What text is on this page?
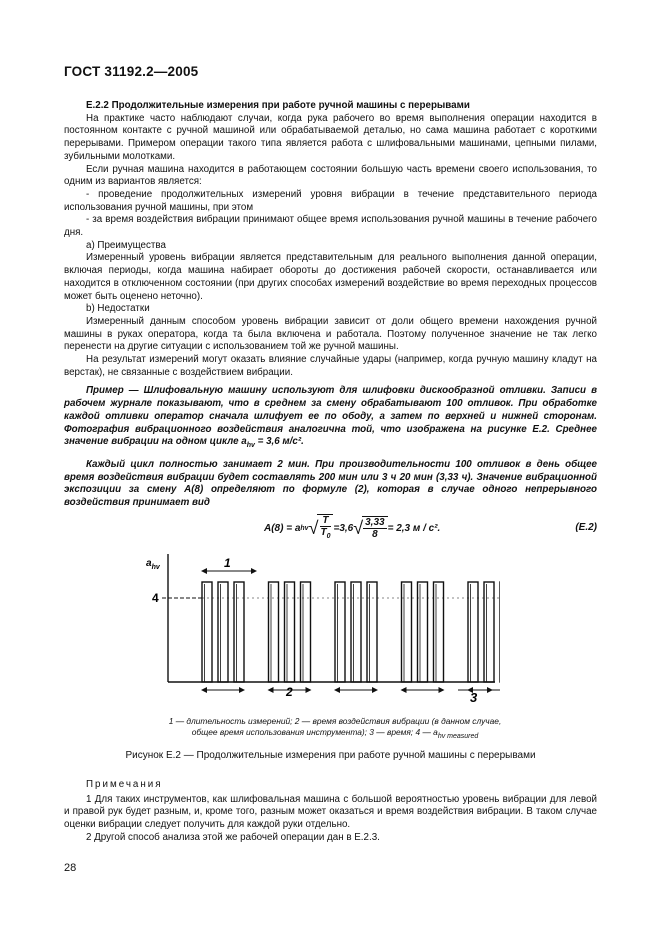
ГОСТ 31192.2—2005

E.2.2 Продолжительные измерения при работе ручной машины с перерывами

На практике часто наблюдают случаи, когда рука рабочего во время выполнения операции находится в постоянном контакте с ручной машиной или обрабатываемой деталью, но сама машина работает с короткими перерывами. Примером операции такого типа является работа с шлифовальными машинами, цепными пилами, зубильными молотками.

Если ручная машина находится в работающем состоянии большую часть времени своего использования, то одним из вариантов является:

- проведение продолжительных измерений уровня вибрации в течение представительного периода использования ручной машины, при этом

- за время воздействия вибрации принимают общее время использования ручной машины в течение рабочего дня.

a) Преимущества

Измеренный уровень вибрации является представительным для реального выполнения данной операции, включая периоды, когда машина набирает обороты до достижения рабочей скорости, останавливается или находится в отключенном состоянии (при других способах измерений воздействие во время переходных процессов может быть оценено неточно).

b) Недостатки

Измеренный данным способом уровень вибрации зависит от доли общего времени нахождения ручной машины в руках оператора, когда та была включена и работала. Поэтому полученное значение не так легко перенести на другие ситуации с использованием той же ручной машины.

На результат измерений могут оказать влияние случайные удары (например, когда ручную машину кладут на верстак), не связанные с воздействием вибрации.

Пример — Шлифовальную машину используют для шлифовки дискообразной отливки. Записи в рабочем журнале показывают, что в среднем за смену обрабатывают 100 отливок. При обработке каждой отливки оператор сначала шлифует ее по ободу, а затем по верхней и нижней сторонам. Фотография вибрационного воздействия аналогична той, что изображена на рисунке E.2. Среднее значение вибрации на одном цикле $a_{hv} = 3,6$ м/с².

Каждый цикл полностью занимает 2 мин. При производительности 100 отливок в день общее время воздействия вибрации будет составлять 200 мин или 3 ч 20 мин (3,33 ч). Значение вибрационной экспозиции за смену A(8) определяют по формуле (2), которая в случае одного непрерывного воздействия принимает вид

A(8) = a hv √ $\frac{T}{T_0} =3,6$ √ $\frac{3,33}{8} = 2,3$ м / с².	(E.2)
$a_{hv}$
4
1
2	3
1 — длительность измерений; 2 — время воздействия вибрации (в данном случае,
общее время использования инструмента); 3 — время; 4 — $a_{hv measured}$
Рисунок E.2 — Продолжительные измерения при работе ручной машины с перерывами

Примечания

1 Для таких инструментов, как шлифовальная машина с большой вероятностью уровень вибрации для левой и правой рук будет разным, и, кроме того, разным может оказаться и время воздействия вибрации. В таком случае оценки вибрации следует получить для каждой руки отдельно.

2 Другой способ анализа этой же рабочей операции дан в E.2.3.

28
